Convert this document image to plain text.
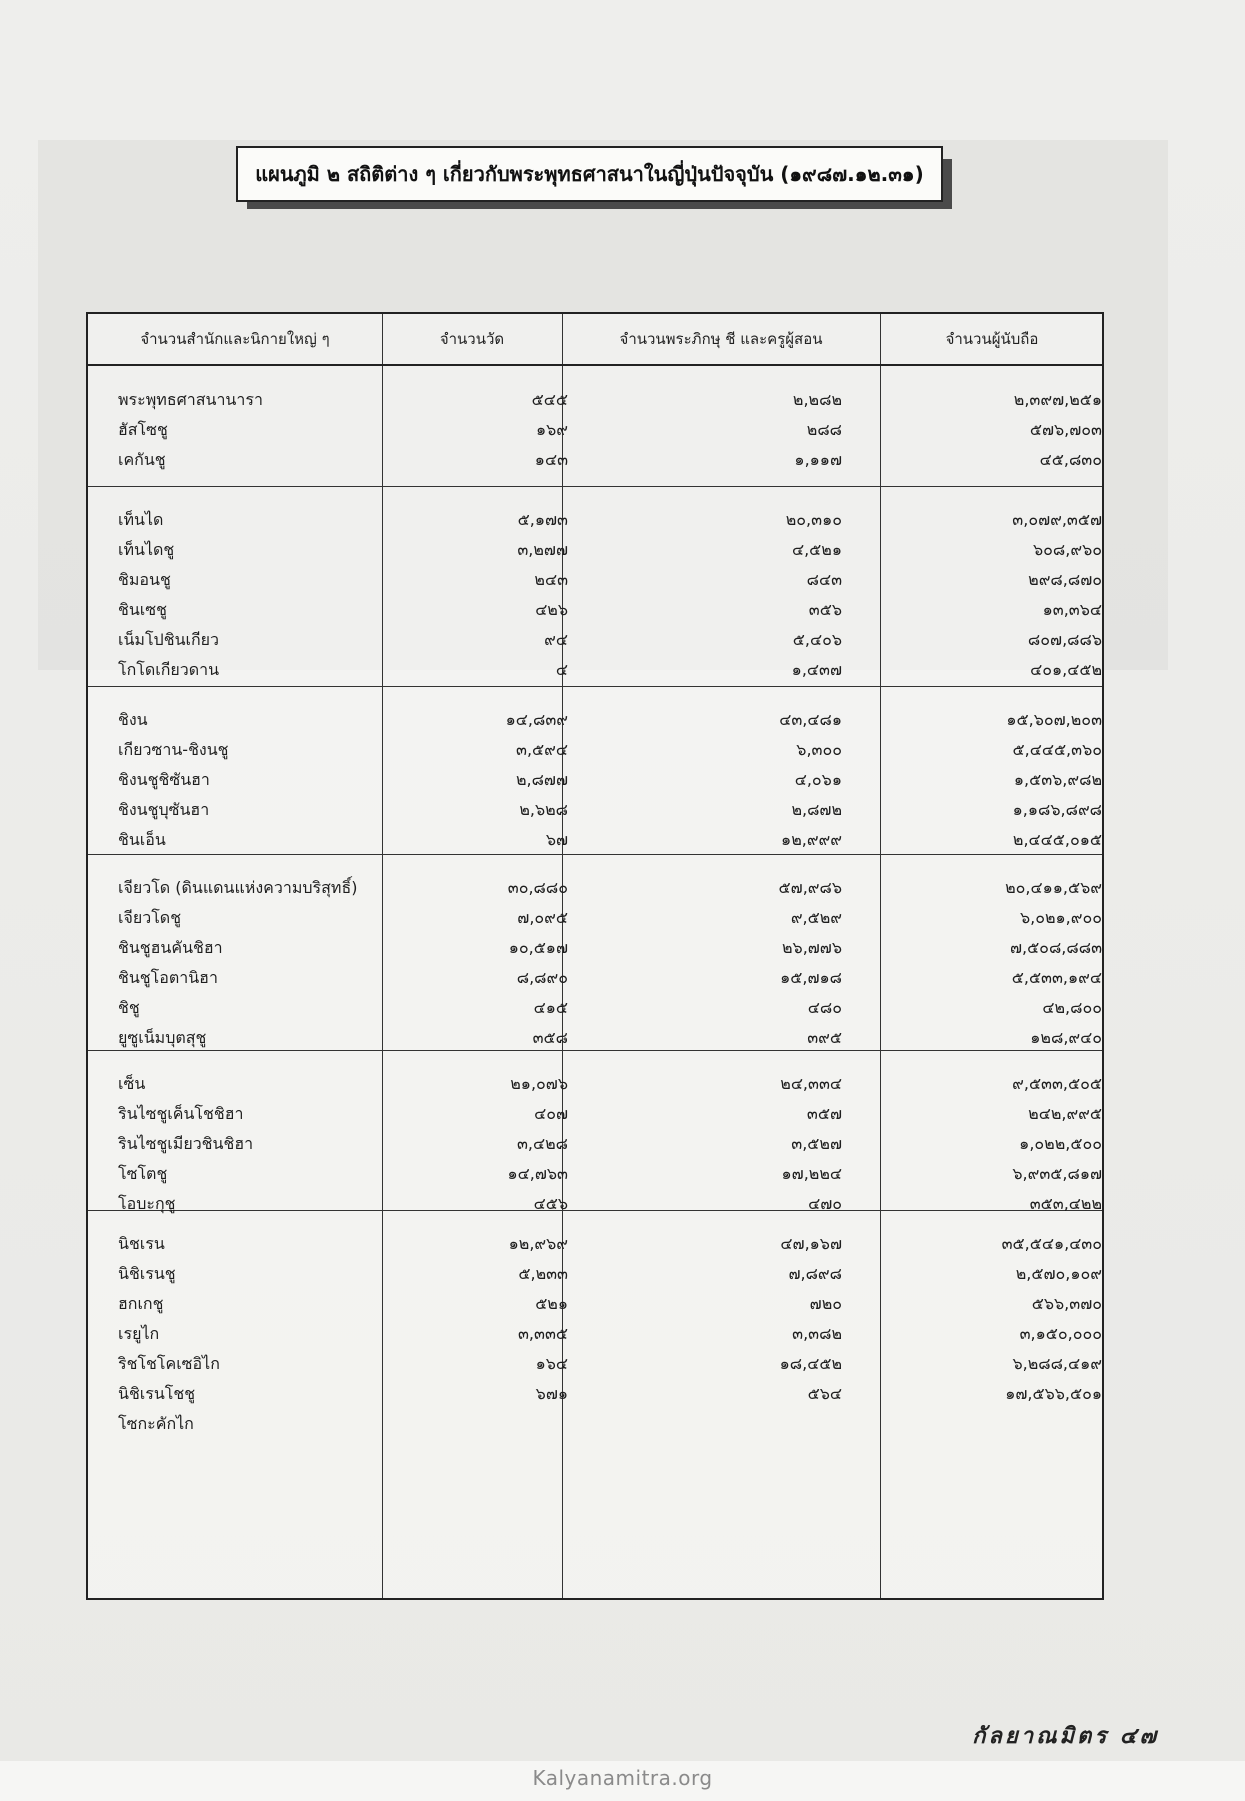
แผนภูมิ ๒ สถิติต่าง ๆ เกี่ยวกับพระพุทธศาสนาในญี่ปุ่นปัจจุบัน (๑๙๘๗.๑๒.๓๑)
จำนวนสำนักและนิกายใหญ่ ๆ	จำนวนวัด	จำนวนพระภิกษุ ชี และครูผู้สอน	จำนวนผู้นับถือ
พระพุทธศาสนานารา	๕๔๕	๒,๒๘๒	๒,๓๙๗,๒๕๑
ฮัสโซชู	๑๖๙	๒๘๘	๕๗๖,๗๐๓
เคกันชู	๑๔๓	๑,๑๑๗	๔๕,๘๓๐
เท็นได	๕,๑๗๓	๒๐,๓๑๐	๓,๐๗๙,๓๕๗
เท็นไดชู	๓,๒๗๗	๔,๕๒๑	๖๐๘,๙๖๐
ชิมอนชู	๒๔๓	๘๔๓	๒๙๘,๘๗๐
ชินเซชู	๔๒๖	๓๕๖	๑๓,๓๖๔
เน็มโปชินเกียว	๙๔	๕,๔๐๖	๘๐๗,๘๘๖
โกโดเกียวดาน	๔	๑,๔๓๗	๔๐๑,๔๕๒
ชิงน	๑๔,๘๓๙	๔๓,๔๘๑	๑๕,๖๐๗,๒๐๓
เกียวซาน-ชิงนชู	๓,๕๙๔	๖,๓๐๐	๕,๔๔๕,๓๖๐
ชิงนชูชิซันฮา	๒,๘๗๗	๔,๐๖๑	๑,๕๓๖,๙๘๒
ชิงนชูบุซันฮา	๒,๖๒๘	๒,๘๗๒	๑,๑๘๖,๘๙๘
ชินเอ็น	๖๗	๑๒,๙๙๙	๒,๔๔๕,๐๑๕
เจียวโด (ดินแดนแห่งความบริสุทธิ์)	๓๐,๘๘๐	๕๗,๙๘๖	๒๐,๔๑๑,๕๖๙
เจียวโดชู	๗,๐๙๕	๙,๕๒๙	๖,๐๒๑,๙๐๐
ชินชูฮนคันชิฮา	๑๐,๕๑๗	๒๖,๗๗๖	๗,๕๐๘,๘๘๓
ชินชูโอตานิฮา	๘,๘๙๐	๑๕,๗๑๘	๕,๕๓๓,๑๙๔
ชิชู	๔๑๕	๔๘๐	๔๒,๘๐๐
ยูซูเน็มบุตสุชู	๓๕๘	๓๙๕	๑๒๘,๙๔๐
เซ็น	๒๑,๐๗๖	๒๔,๓๓๔	๙,๕๓๓,๕๐๕
รินไซชูเค็นโชชิฮา	๔๐๗	๓๕๗	๒๔๒,๙๙๕
รินไซชูเมียวชินชิฮา	๓,๔๒๘	๓,๕๒๗	๑,๐๒๒,๕๐๐
โซโตชู	๑๔,๗๖๓	๑๗,๒๒๔	๖,๙๓๕,๘๑๗
โอบะกุชู	๔๕๖	๔๗๐	๓๕๓,๔๒๒
นิชเรน	๑๒,๙๖๙	๔๗,๑๖๗	๓๕,๕๔๑,๔๓๐
นิชิเรนชู	๕,๒๓๓	๗,๘๙๘	๒,๕๗๐,๑๐๙
ฮกเกชู	๕๒๑	๗๒๐	๕๖๖,๓๗๐
เรยูไก	๓,๓๓๕	๓,๓๘๒	๓,๑๕๐,๐๐๐
ริชโชโคเซอิไก	๑๖๔	๑๘,๔๕๒	๖,๒๘๘,๔๑๙
นิชิเรนโชชู	๖๗๑	๕๖๔	๑๗,๕๖๖,๕๐๑
โซกะคักไก
กัลยาณมิตร ๔๗
Kalyanamitra.org
